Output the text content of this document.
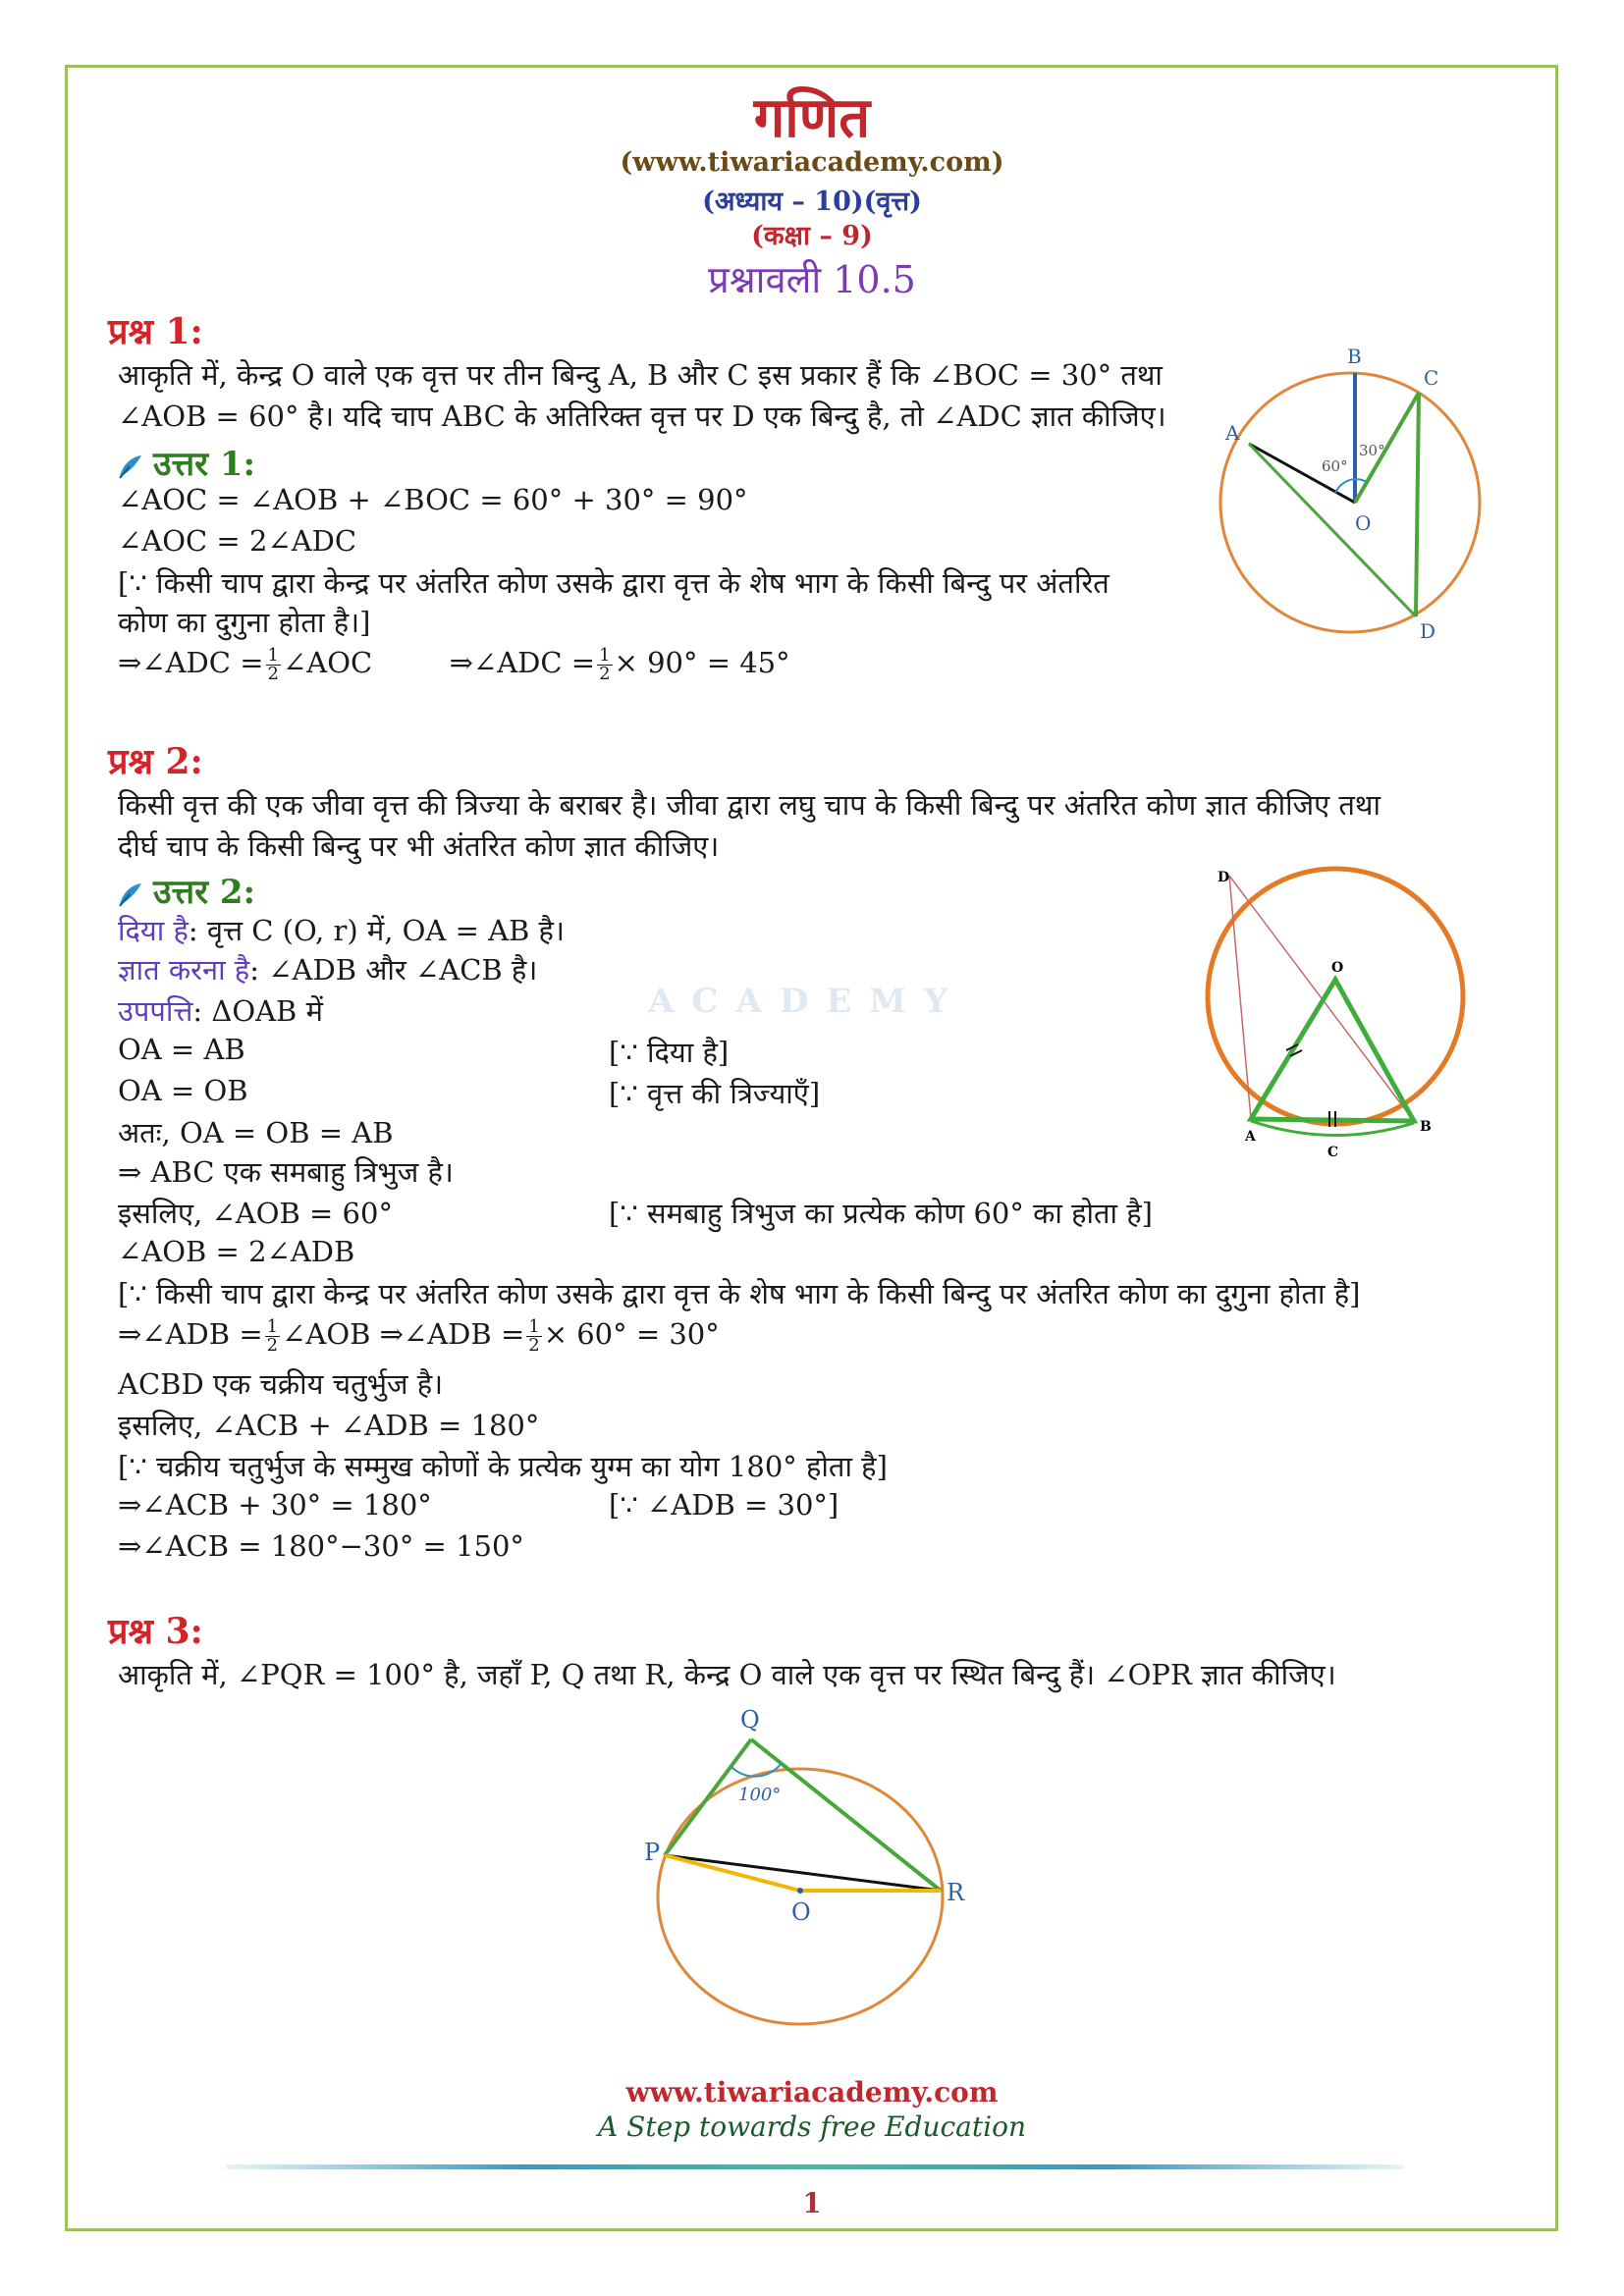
ACADEMY
गणित
(www.tiwariacademy.com)
(अध्याय – 10)(वृत्त)
(कक्षा – 9)
प्रश्नावली 10.5
प्रश्न 1:
आकृति में, केन्द्र O वाले एक वृत्त पर तीन बिन्दु A, B और C इस प्रकार हैं कि ∠BOC = 30° तथा
∠AOB = 60° है। यदि चाप ABC के अतिरिक्त वृत्त पर D एक बिन्दु है, तो ∠ADC ज्ञात कीजिए।
उत्तर 1:
∠AOC = ∠AOB + ∠BOC = 60° + 30° = 90°
∠AOC = 2∠ADC
[∵ किसी चाप द्वारा केन्द्र पर अंतरित कोण उसके द्वारा वृत्त के शेष भाग के किसी बिन्दु पर अंतरित
कोण का दुगुना होता है।]
⇒∠ADC = $\frac{1}{2}$ ∠AOC	⇒∠ADC = $\frac{1}{2} \times 90^\circ = 45^\circ$
A
B
C
D
O
60°
30°
प्रश्न 2:
किसी वृत्त की एक जीवा वृत्त की त्रिज्या के बराबर है। जीवा द्वारा लघु चाप के किसी बिन्दु पर अंतरित कोण ज्ञात कीजिए तथा
दीर्घ चाप के किसी बिन्दु पर भी अंतरित कोण ज्ञात कीजिए।
उत्तर 2:
दिया है: वृत्त C (O, r) में, OA = AB है।
ज्ञात करना है: ∠ADB और ∠ACB है।
उपपत्ति: ΔOAB में
OA = AB	[∵ दिया है]
OA = OB	[∵ वृत्त की त्रिज्याएँ]
अतः, OA = OB = AB
⇒ ABC एक समबाहु त्रिभुज है।
इसलिए, ∠AOB = 60°	[∵ समबाहु त्रिभुज का प्रत्येक कोण 60° का होता है]
∠AOB = 2∠ADB
[∵ किसी चाप द्वारा केन्द्र पर अंतरित कोण उसके द्वारा वृत्त के शेष भाग के किसी बिन्दु पर अंतरित कोण का दुगुना होता है]
⇒∠ADB = $\frac{1}{2}$ ∠AOB ⇒∠ADB = $\frac{1}{2} \times 60^\circ = 30^\circ$
ACBD एक चक्रीय चतुर्भुज है।
इसलिए, ∠ACB + ∠ADB = 180°
[∵ चक्रीय चतुर्भुज के सम्मुख कोणों के प्रत्येक युग्म का योग 180° होता है]
⇒∠ACB + 30° = 180°	[∵ ∠ADB = 30°]
⇒∠ACB = 180°−30° = 150°
D
O
A
B
C
प्रश्न 3:
आकृति में, ∠PQR = 100° है, जहाँ P, Q तथा R, केन्द्र O वाले एक वृत्त पर स्थित बिन्दु हैं। ∠OPR ज्ञात कीजिए।
Q
P
R
O
100°
www.tiwariacademy.com
A Step towards free Education
1
